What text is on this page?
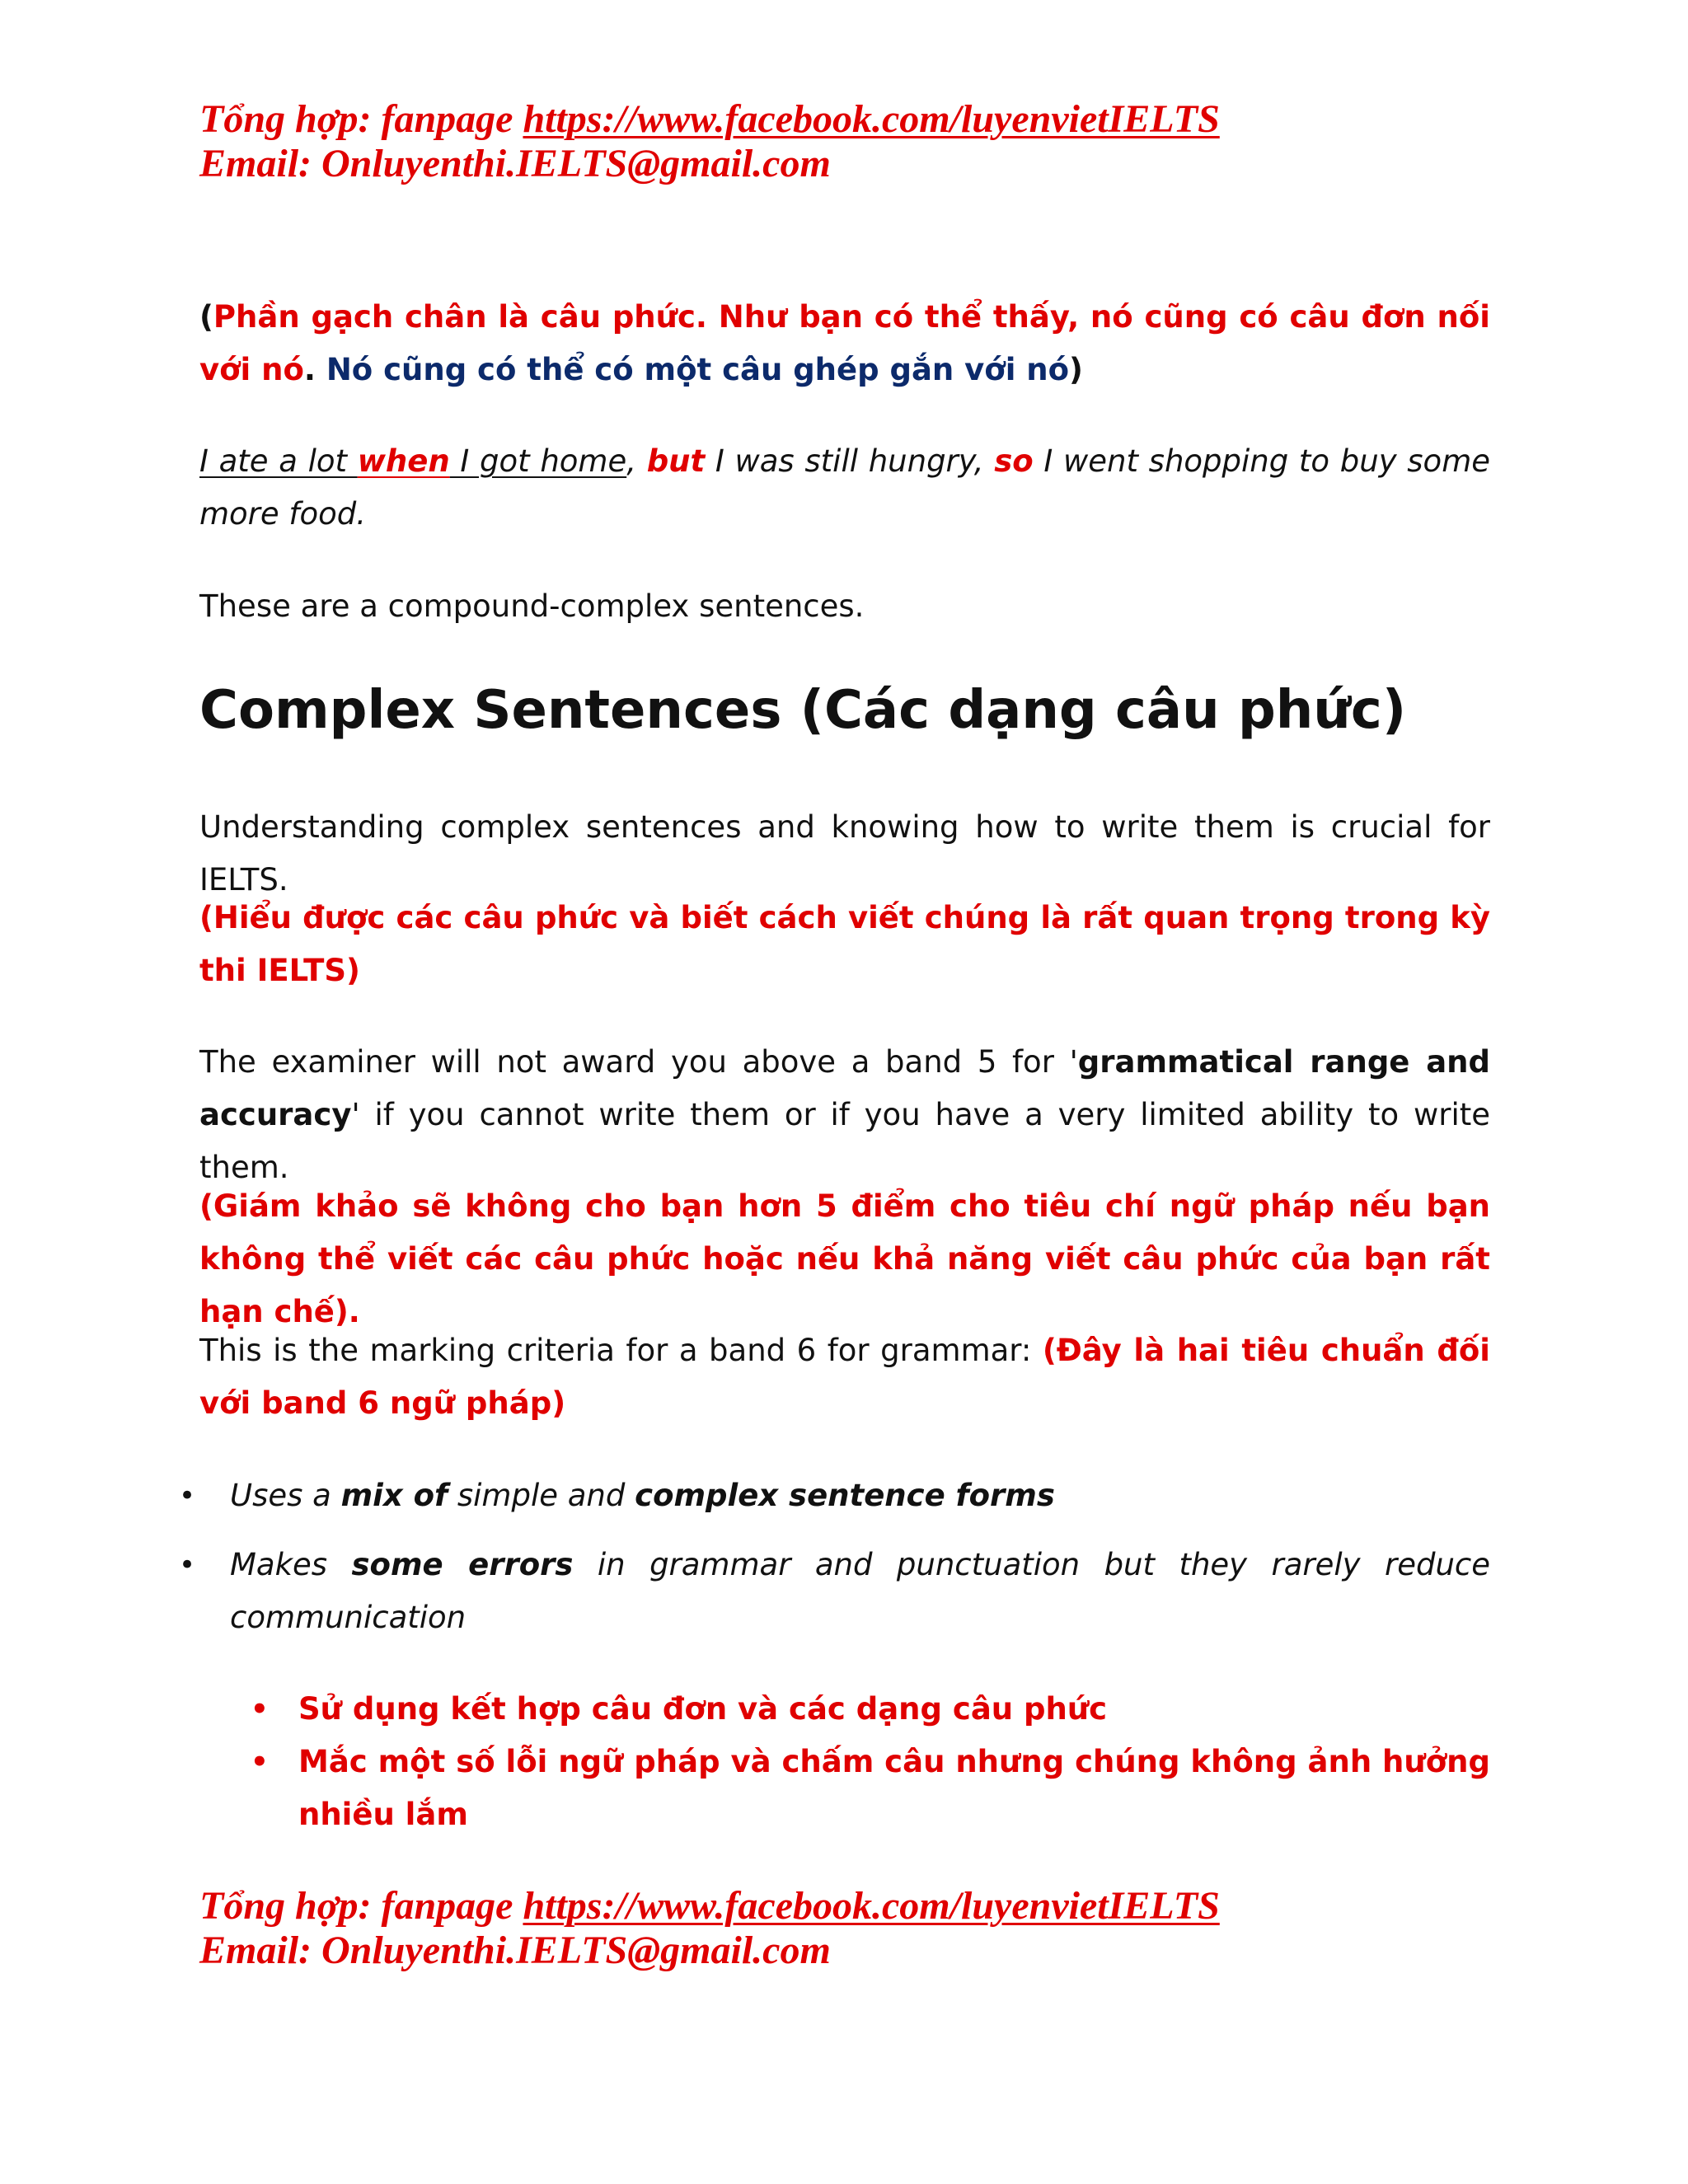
Tổng hợp: fanpage https://www.facebook.com/luyenvietIELTS
Email: Onluyenthi.IELTS@gmail.com
(Phần gạch chân là câu phức. Như bạn có thể thấy, nó cũng có câu đơn nối với nó. Nó cũng có thể có một câu ghép gắn với nó)
I ate a lot when I got home, but I was still hungry, so I went shopping to buy some more food.
These are a compound-complex sentences.
Complex Sentences (Các dạng câu phức)
Understanding complex sentences and knowing how to write them is crucial for IELTS.
(Hiểu được các câu phức và biết cách viết chúng là rất quan trọng trong kỳ thi IELTS)
The examiner will not award you above a band 5 for 'grammatical range and accuracy' if you cannot write them or if you have a very limited ability to write them.
(Giám khảo sẽ không cho bạn hơn 5 điểm cho tiêu chí ngữ pháp nếu bạn không thể viết các câu phức hoặc nếu khả năng viết câu phức của bạn rất hạn chế).
This is the marking criteria for a band 6 for grammar: (Đây là hai tiêu chuẩn đối với band 6 ngữ pháp)
• Uses a mix of simple and complex sentence forms
• Makes some errors in grammar and punctuation but they rarely reduce communication
• Sử dụng kết hợp câu đơn và các dạng câu phức
• Mắc một số lỗi ngữ pháp và chấm câu nhưng chúng không ảnh hưởng nhiều lắm
Tổng hợp: fanpage https://www.facebook.com/luyenvietIELTS
Email: Onluyenthi.IELTS@gmail.com
